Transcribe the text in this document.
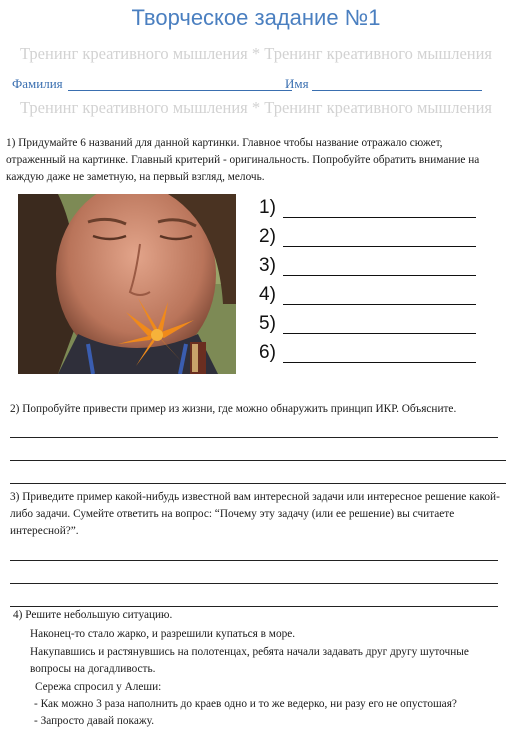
Творческое задание №1
Тренинг креативного мышления * Тренинг креативного мышления
Фамилия	Имя
Тренинг креативного мышления * Тренинг креативного мышления
1) Придумайте 6 названий для данной картинки. Главное чтобы название отражало сюжет, отраженный на картинке. Главный критерий - оригинальность. Попробуйте обратить внимание на каждую даже не заметную, на первый взгляд, мелочь.
1)
2)
3)
4)
5)
6)
2) Попробуйте привести пример из жизни, где можно обнаружить принцип ИКР. Объясните.
3) Приведите пример какой-нибудь известной вам интересной задачи или интересное решение какой-либо задачи. Сумейте ответить на вопрос: “Почему эту задачу (или ее решение) вы считаете интересной?”.
4) Решите небольшую ситуацию.
Наконец-то стало жарко, и разрешили купаться в море.
Накупавшись и растянувшись на полотенцах, ребята начали задавать друг другу шуточные
вопросы на догадливость.
Сережа спросил у Алеши:
- Как можно 3 раза наполнить до краев одно и то же ведерко, ни разу его не опустошая?
- Запросто давай покажу.
